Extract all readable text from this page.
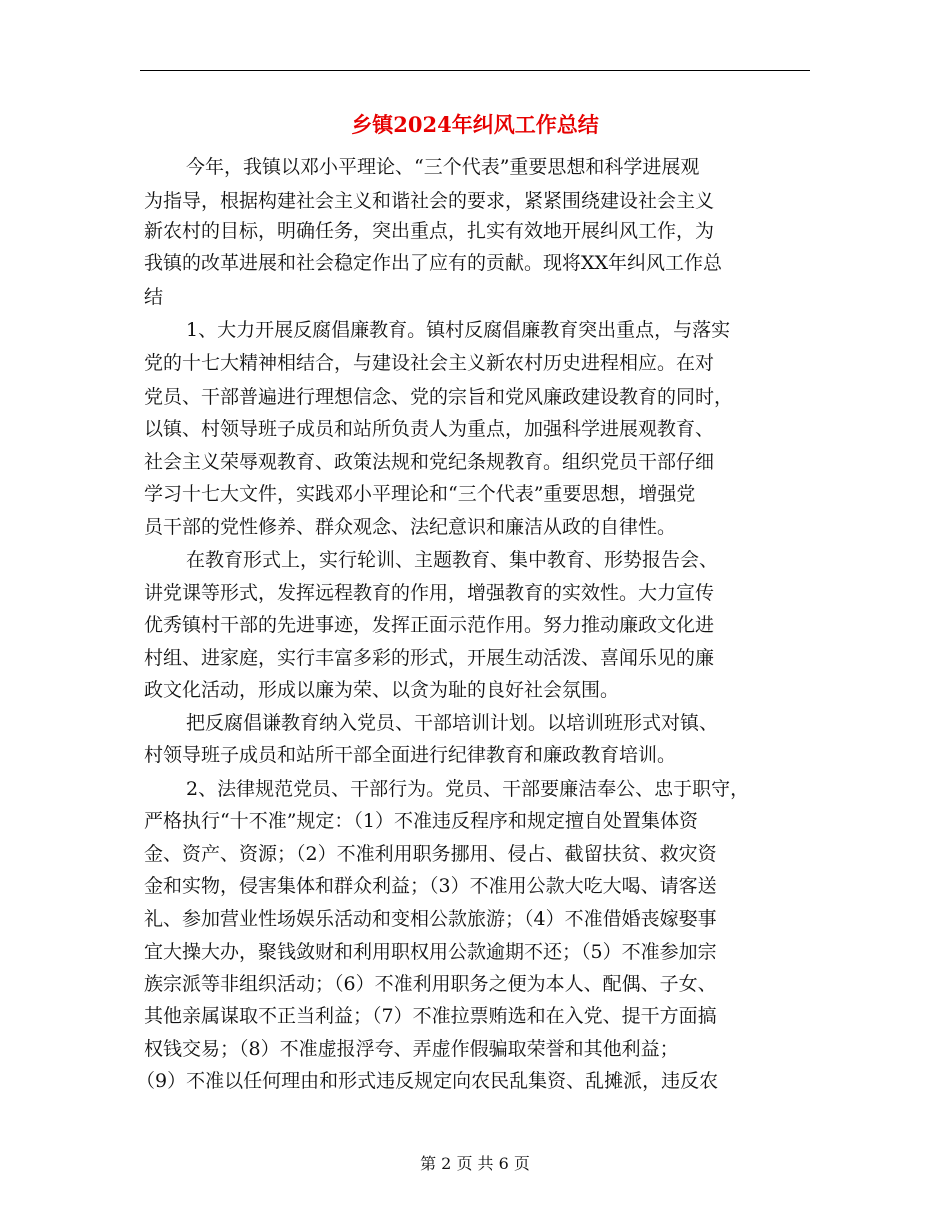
乡镇2024年纠风工作总结

今年，我镇以邓小平理论、“三个代表”重要思想和科学进展观

为指导，根据构建社会主义和谐社会的要求，紧紧围绕建设社会主义

新农村的目标，明确任务，突出重点，扎实有效地开展纠风工作，为

我镇的改革进展和社会稳定作出了应有的贡献。现将XX年纠风工作总

结

1、大力开展反腐倡廉教育。镇村反腐倡廉教育突出重点，与落实

党的十七大精神相结合，与建设社会主义新农村历史进程相应。在对

党员、干部普遍进行理想信念、党的宗旨和党风廉政建设教育的同时，

以镇、村领导班子成员和站所负责人为重点，加强科学进展观教育、

社会主义荣辱观教育、政策法规和党纪条规教育。组织党员干部仔细

学习十七大文件，实践邓小平理论和“三个代表”重要思想，增强党

员干部的党性修养、群众观念、法纪意识和廉洁从政的自律性。

在教育形式上，实行轮训、主题教育、集中教育、形势报告会、

讲党课等形式，发挥远程教育的作用，增强教育的实效性。大力宣传

优秀镇村干部的先进事迹，发挥正面示范作用。努力推动廉政文化进

村组、进家庭，实行丰富多彩的形式，开展生动活泼、喜闻乐见的廉

政文化活动，形成以廉为荣、以贪为耻的良好社会氛围。

把反腐倡谦教育纳入党员、干部培训计划。以培训班形式对镇、

村领导班子成员和站所干部全面进行纪律教育和廉政教育培训。

2、法律规范党员、干部行为。党员、干部要廉洁奉公、忠于职守，

严格执行“十不准”规定：（1）不准违反程序和规定擅自处置集体资

金、资产、资源；（2）不准利用职务挪用、侵占、截留扶贫、救灾资

金和实物，侵害集体和群众利益；（3）不准用公款大吃大喝、请客送

礼、参加营业性场娱乐活动和变相公款旅游；（4）不准借婚丧嫁娶事

宜大操大办，聚钱敛财和利用职权用公款逾期不还；（5）不准参加宗

族宗派等非组织活动；（6）不准利用职务之便为本人、配偶、子女、

其他亲属谋取不正当利益；（7）不准拉票贿选和在入党、提干方面搞

权钱交易；（8）不准虚报浮夸、弄虚作假骗取荣誉和其他利益；

（9）不准以任何理由和形式违反规定向农民乱集资、乱摊派，违反农

第 2 页 共 6 页
